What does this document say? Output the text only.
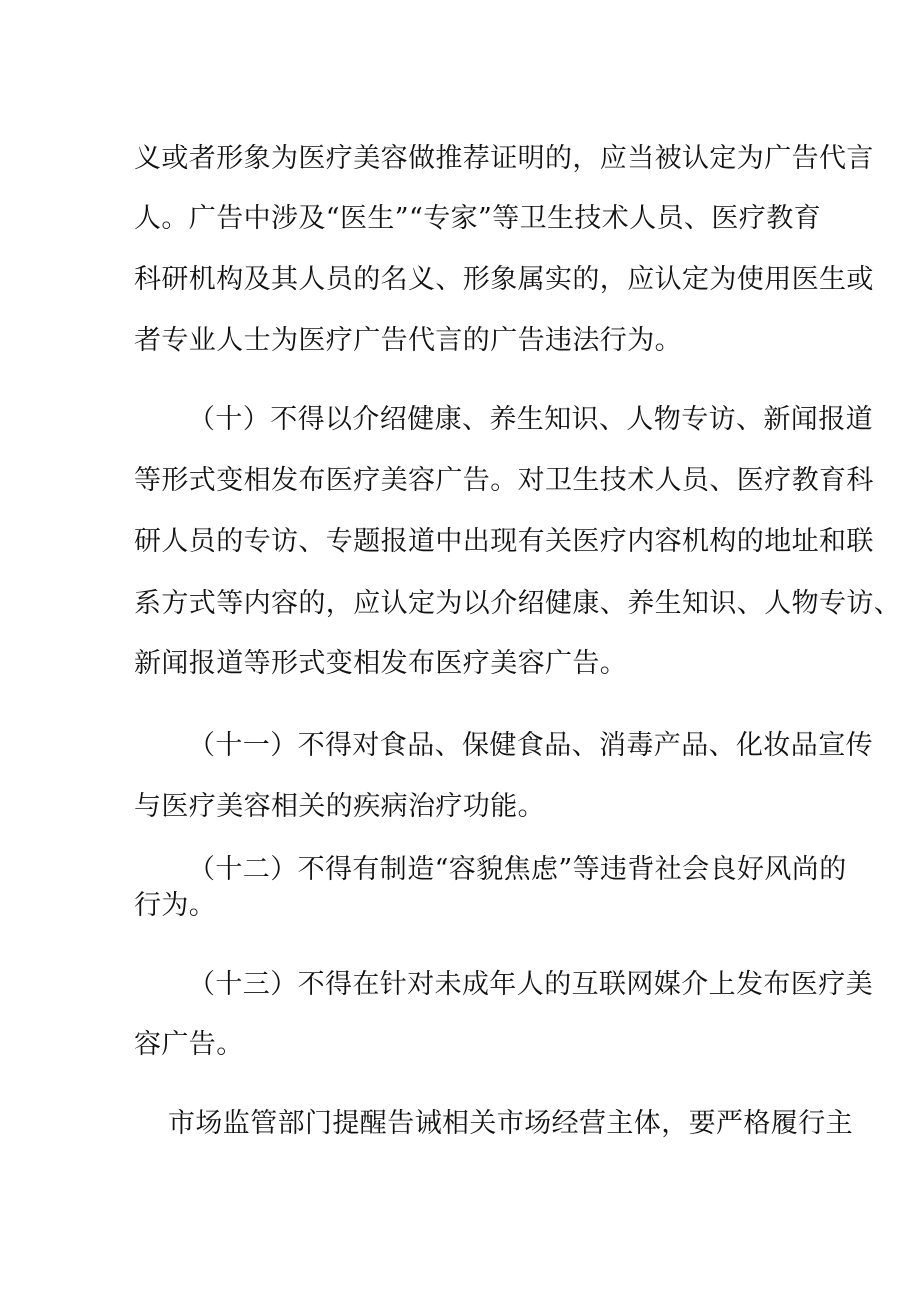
义或者形象为医疗美容做推荐证明的，应当被认定为广告代言
人。广告中涉及“医生”“专家”等卫生技术人员、医疗教育
科研机构及其人员的名义、形象属实的，应认定为使用医生或
者专业人士为医疗广告代言的广告违法行为。
（十）不得以介绍健康、养生知识、人物专访、新闻报道
等形式变相发布医疗美容广告。对卫生技术人员、医疗教育科
研人员的专访、专题报道中出现有关医疗内容机构的地址和联
系方式等内容的，应认定为以介绍健康、养生知识、人物专访、
新闻报道等形式变相发布医疗美容广告。
（十一）不得对食品、保健食品、消毒产品、化妆品宣传
与医疗美容相关的疾病治疗功能。
（十二）不得有制造“容貌焦虑”等违背社会良好风尚的
行为。
（十三）不得在针对未成年人的互联网媒介上发布医疗美
容广告。
市场监管部门提醒告诫相关市场经营主体，要严格履行主
